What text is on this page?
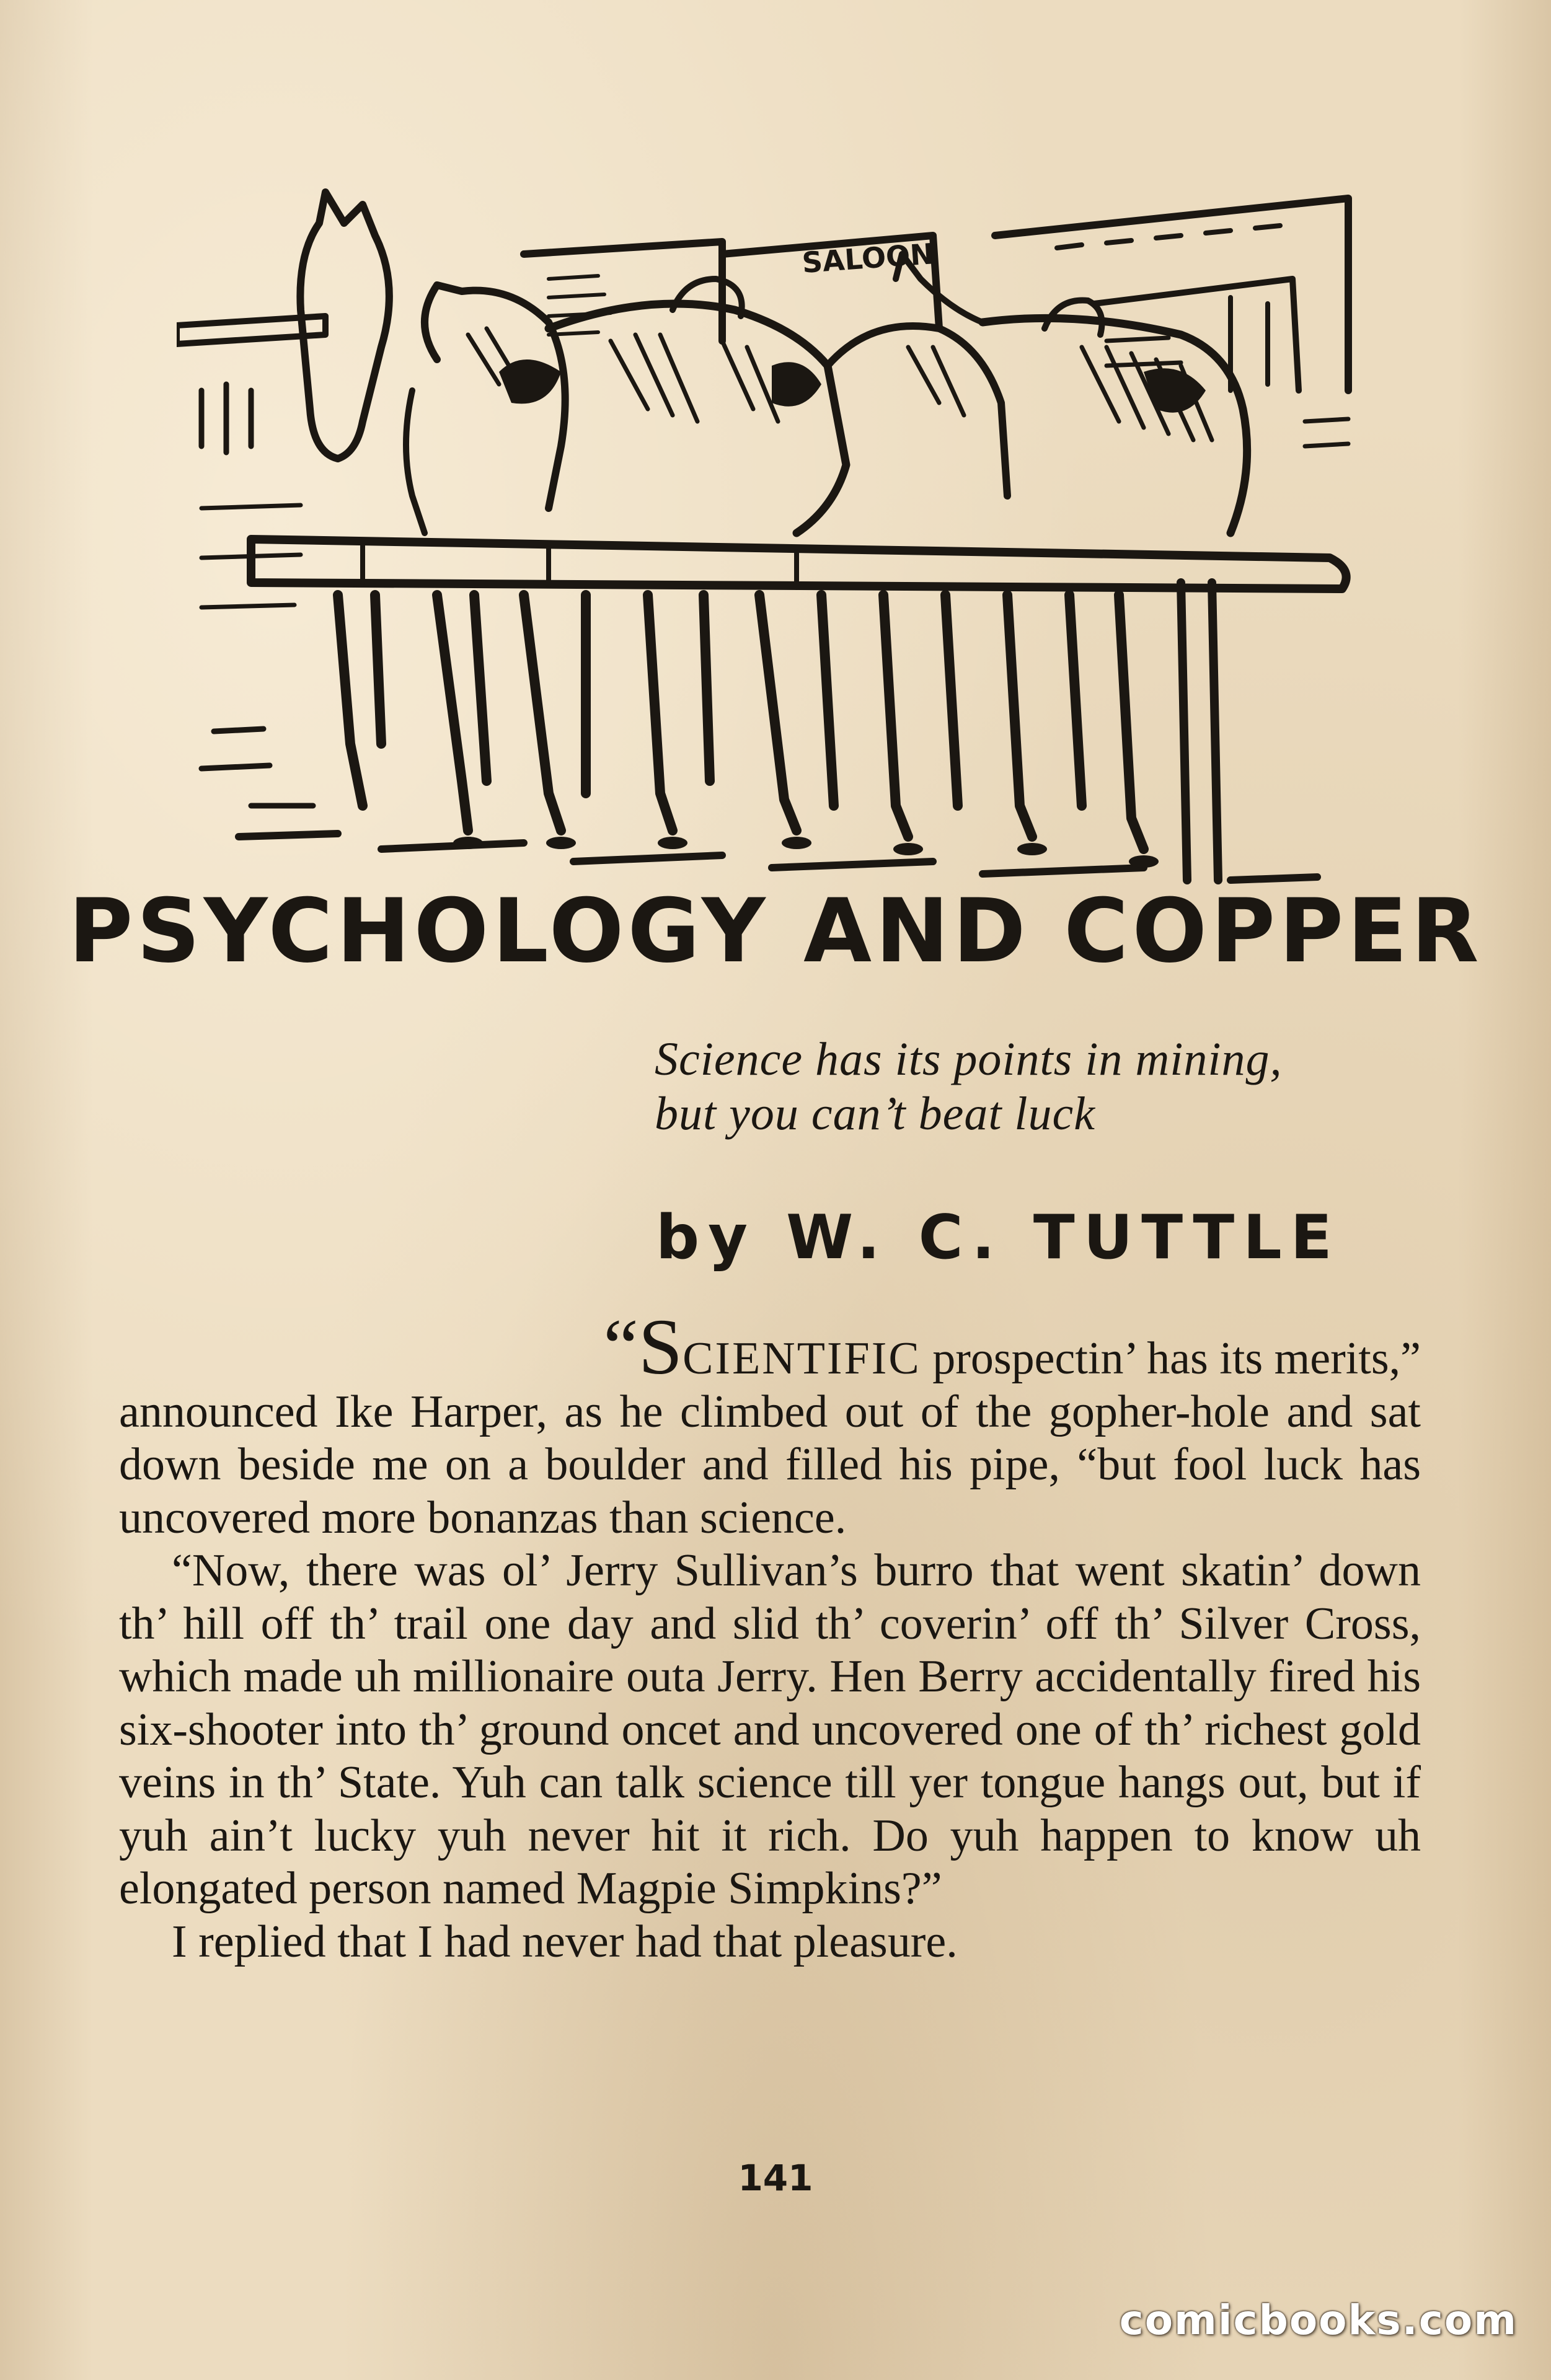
SALOON
PSYCHOLOGY AND COPPER
Science has its points in mining,
but you can’t beat luck
by W. C. TUTTLE

“SCIENTIFIC prospectin’ has its merits,”
announced Ike Harper, as he climbed out of the gopher-hole and sat down beside me on a boulder and filled his pipe, “but fool luck has uncovered more bonanzas than science.

“Now, there was ol’ Jerry Sullivan’s burro that went skatin’ down th’ hill off th’ trail one day and slid th’ coverin’ off th’ Silver Cross, which made uh millionaire outa Jerry. Hen Berry accidentally fired his six-shooter into th’ ground oncet and uncovered one of th’ richest gold veins in th’ State. Yuh can talk science till yer tongue hangs out, but if yuh ain’t lucky yuh never hit it rich. Do yuh happen to know uh elongated person named Magpie Simpkins?”

I replied that I had never had that pleasure.

141
comicbooks.com
